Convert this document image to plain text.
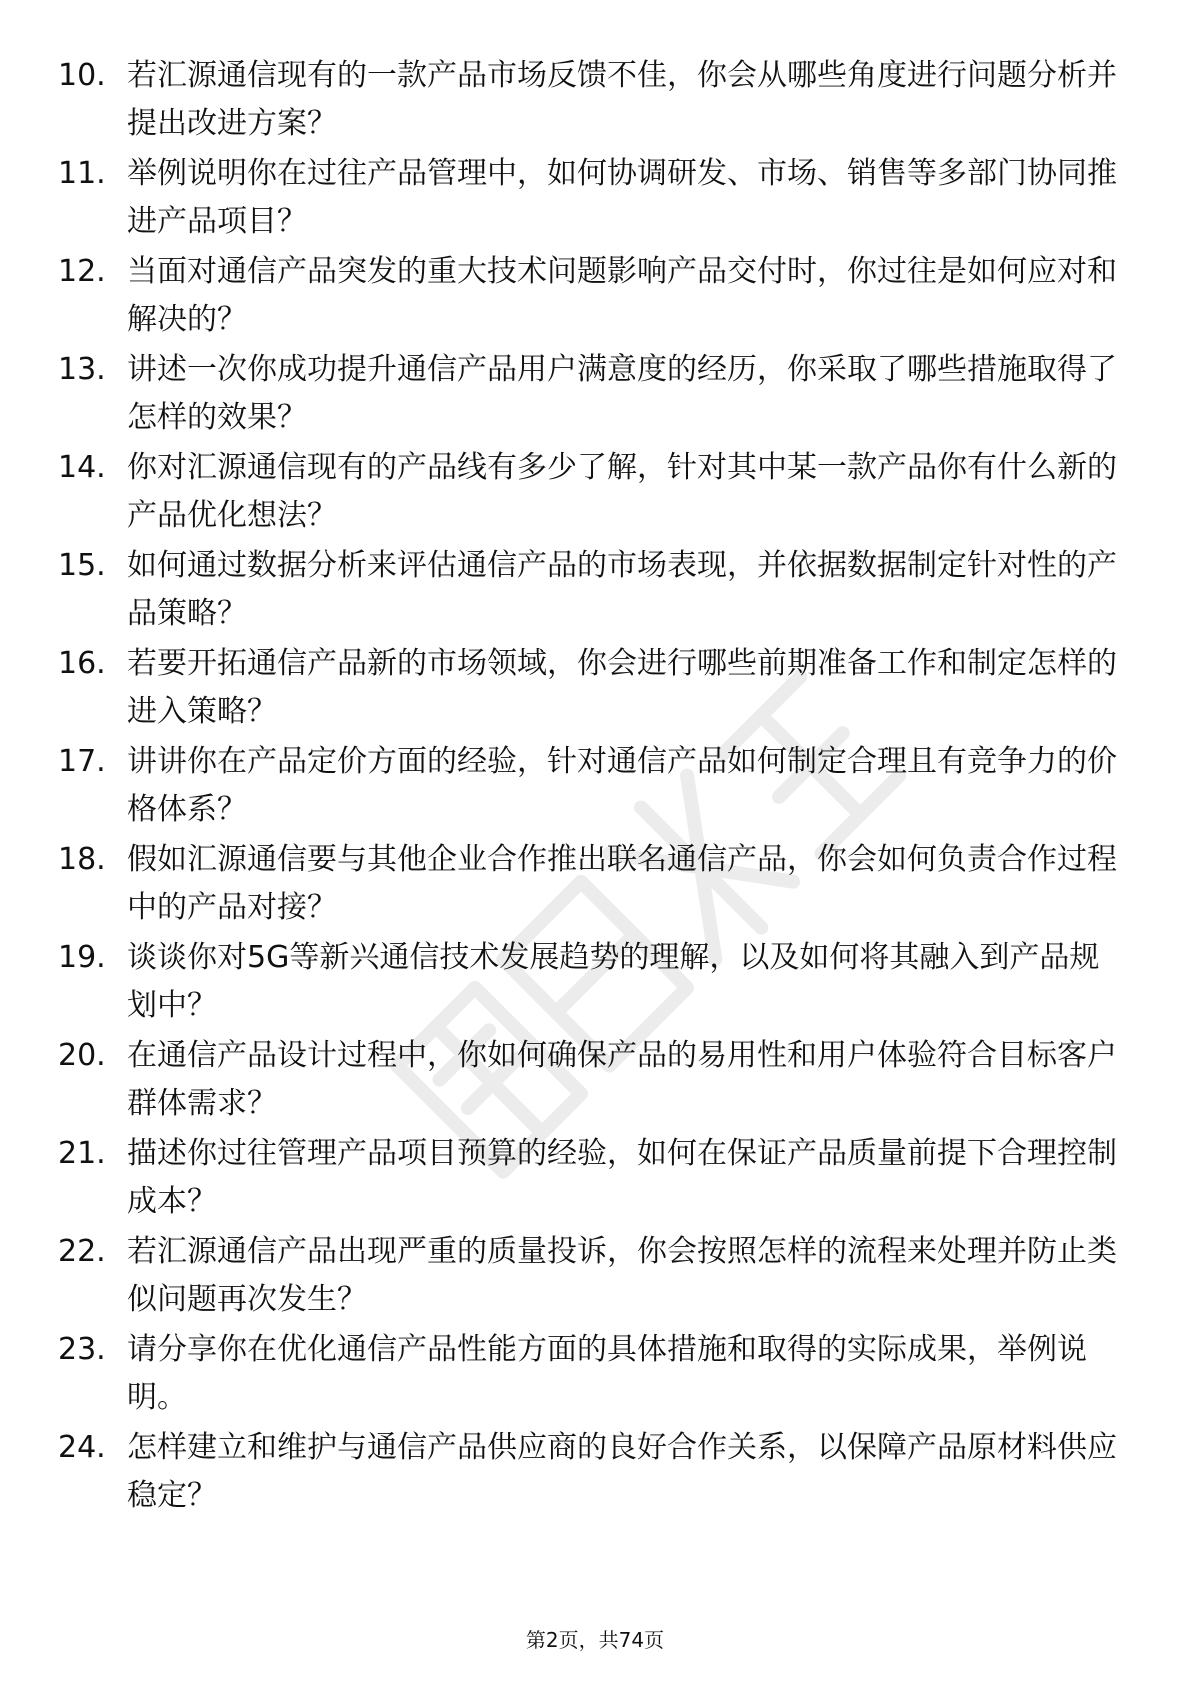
10. 若汇源通信现有的一款产品市场反馈不佳，你会从哪些角度进行问题分析并提出改进方案？
11. 举例说明你在过往产品管理中，如何协调研发、市场、销售等多部门协同推进产品项目？
12. 当面对通信产品突发的重大技术问题影响产品交付时，你过往是如何应对和解决的？
13. 讲述一次你成功提升通信产品用户满意度的经历，你采取了哪些措施取得了怎样的效果？
14. 你对汇源通信现有的产品线有多少了解，针对其中某一款产品你有什么新的产品优化想法？
15. 如何通过数据分析来评估通信产品的市场表现，并依据数据制定针对性的产品策略？
16. 若要开拓通信产品新的市场领域，你会进行哪些前期准备工作和制定怎样的进入策略？
17. 讲讲你在产品定价方面的经验，针对通信产品如何制定合理且有竞争力的价格体系？
18. 假如汇源通信要与其他企业合作推出联名通信产品，你会如何负责合作过程中的产品对接？
19. 谈谈你对5G等新兴通信技术发展趋势的理解，以及如何将其融入到产品规划中？
20. 在通信产品设计过程中，你如何确保产品的易用性和用户体验符合目标客户群体需求？
21. 描述你过往管理产品项目预算的经验，如何在保证产品质量前提下合理控制成本？
22. 若汇源通信产品出现严重的质量投诉，你会按照怎样的流程来处理并防止类似问题再次发生？
23. 请分享你在优化通信产品性能方面的具体措施和取得的实际成果，举例说明。
24. 怎样建立和维护与通信产品供应商的良好合作关系，以保障产品原材料供应稳定？
第2页，共74页
